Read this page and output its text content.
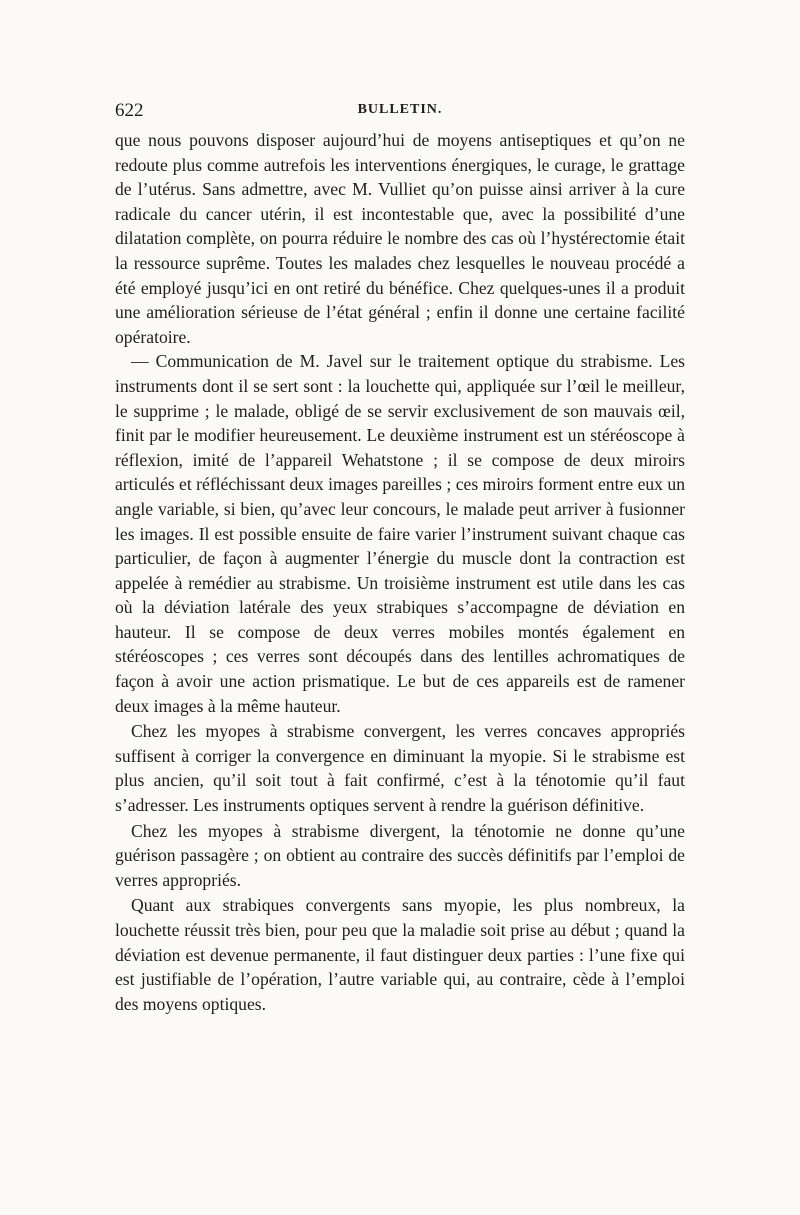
622	BULLETIN.

que nous pouvons disposer aujourd’hui de moyens antiseptiques et qu’on ne redoute plus comme autrefois les interventions énergiques, le curage, le grattage de l’utérus. Sans admettre, avec M. Vulliet qu’on puisse ainsi arriver à la cure radicale du cancer utérin, il est incontestable que, avec la possibilité d’une dilatation complète, on pourra réduire le nombre des cas où l’hystérectomie était la ressource suprême. Toutes les malades chez lesquelles le nouveau procédé a été employé jusqu’ici en ont retiré du bénéfice. Chez quelques-unes il a produit une amélioration sérieuse de l’état général ; enfin il donne une certaine facilité opératoire.

— Communication de M. Javel sur le traitement optique du strabisme. Les instruments dont il se sert sont : la louchette qui, appliquée sur l’œil le meilleur, le supprime ; le malade, obligé de se servir exclusivement de son mauvais œil, finit par le modifier heureusement. Le deuxième instrument est un stéréoscope à réflexion, imité de l’appareil Wehatstone ; il se compose de deux miroirs articulés et réfléchissant deux images pareilles ; ces miroirs forment entre eux un angle variable, si bien, qu’avec leur concours, le malade peut arriver à fusionner les images. Il est possible ensuite de faire varier l’instrument suivant chaque cas particulier, de façon à augmenter l’énergie du muscle dont la contraction est appelée à remédier au strabisme. Un troisième instrument est utile dans les cas où la déviation latérale des yeux strabiques s’accompagne de déviation en hauteur. Il se compose de deux verres mobiles montés également en stéréoscopes ; ces verres sont découpés dans des lentilles achromatiques de façon à avoir une action prismatique. Le but de ces appareils est de ramener deux images à la même hauteur.

Chez les myopes à strabisme convergent, les verres concaves appropriés suffisent à corriger la convergence en diminuant la myopie. Si le strabisme est plus ancien, qu’il soit tout à fait confirmé, c’est à la ténotomie qu’il faut s’adresser. Les instruments optiques servent à rendre la guérison définitive.

Chez les myopes à strabisme divergent, la ténotomie ne donne qu’une guérison passagère ; on obtient au contraire des succès définitifs par l’emploi de verres appropriés.

Quant aux strabiques convergents sans myopie, les plus nombreux, la louchette réussit très bien, pour peu que la maladie soit prise au début ; quand la déviation est devenue permanente, il faut distinguer deux parties : l’une fixe qui est justifiable de l’opération, l’autre variable qui, au contraire, cède à l’emploi des moyens optiques.
